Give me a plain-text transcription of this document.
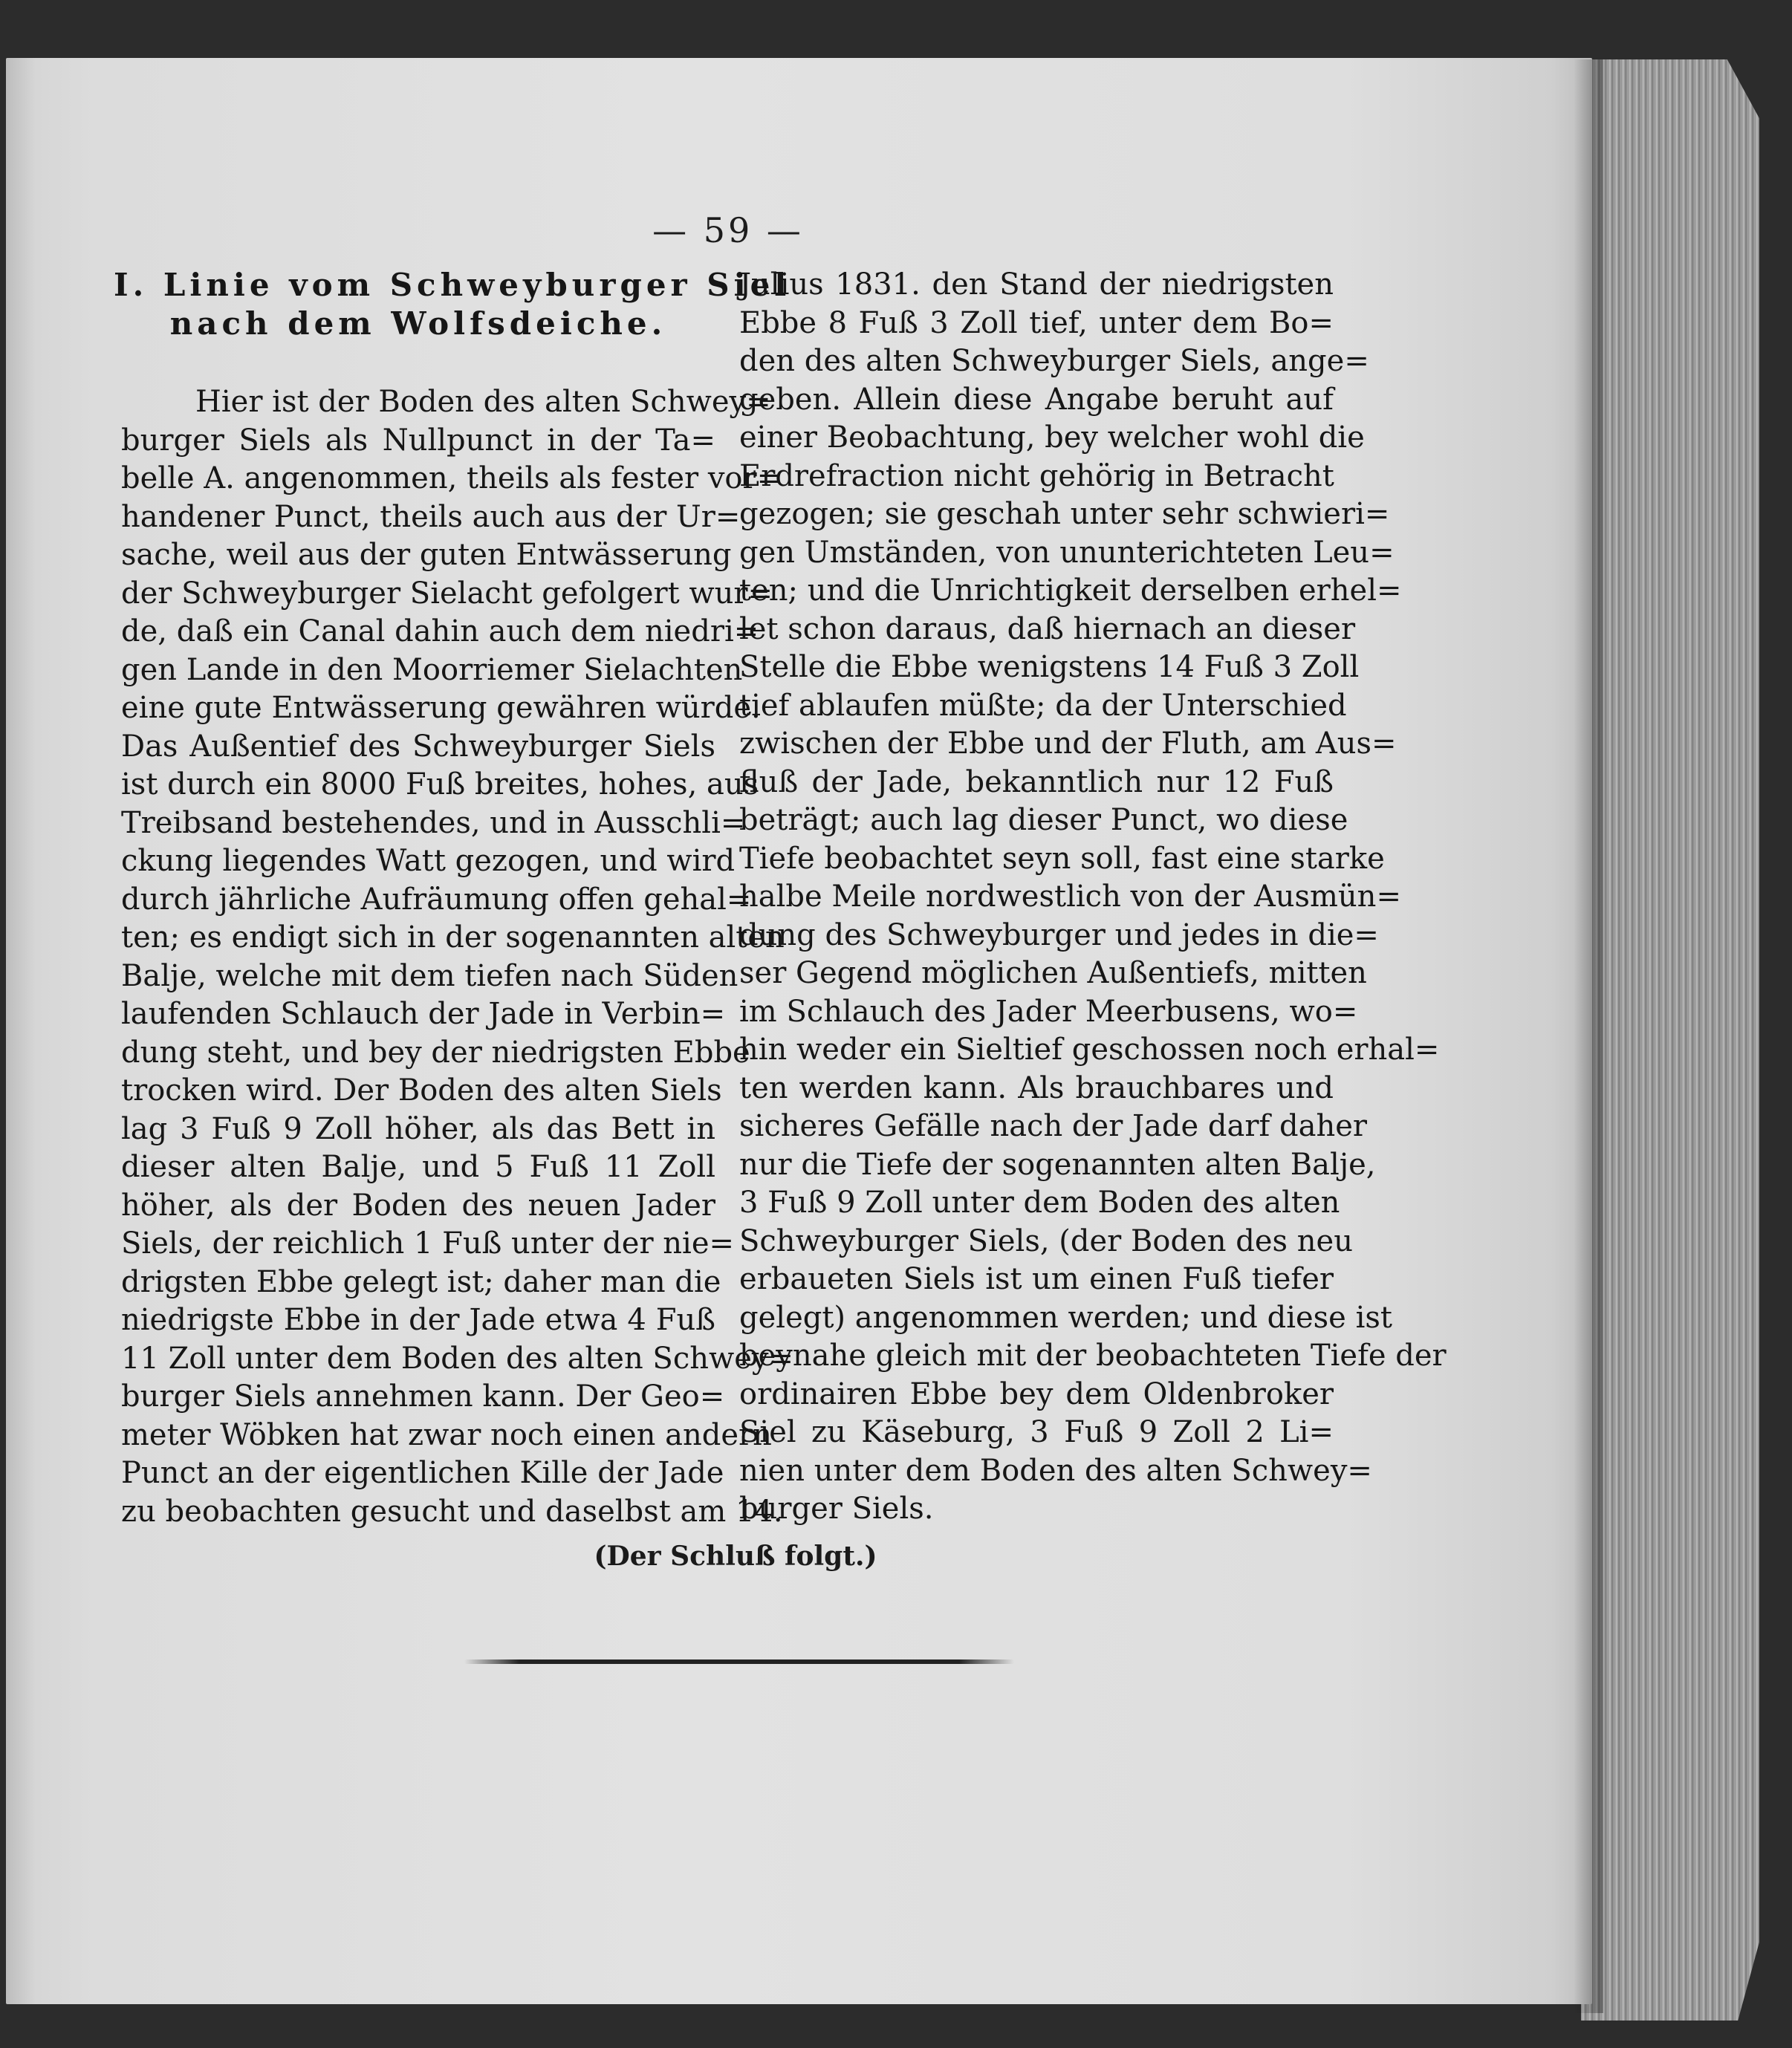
— 59 —

I. Linie vom Schweyburger Siel
nach dem Wolfsdeiche.

Hier ist der Boden des alten Schwey=
burger Siels als Nullpunct in der Ta=
belle A. angenommen, theils als fester vor=
handener Punct, theils auch aus der Ur=
sache, weil aus der guten Entwässerung
der Schweyburger Sielacht gefolgert wur=
de, daß ein Canal dahin auch dem niedri=
gen Lande in den Moorriemer Sielachten
eine gute Entwässerung gewähren würde.
Das Außentief des Schweyburger Siels
ist durch ein 8000 Fuß breites, hohes, aus
Treibsand bestehendes, und in Ausschli=
ckung liegendes Watt gezogen, und wird
durch jährliche Aufräumung offen gehal=
ten; es endigt sich in der sogenannten alten
Balje, welche mit dem tiefen nach Süden
laufenden Schlauch der Jade in Verbin=
dung steht, und bey der niedrigsten Ebbe
trocken wird. Der Boden des alten Siels
lag 3 Fuß 9 Zoll höher, als das Bett in
dieser alten Balje, und 5 Fuß 11 Zoll
höher, als der Boden des neuen Jader
Siels, der reichlich 1 Fuß unter der nie=
drigsten Ebbe gelegt ist; daher man die
niedrigste Ebbe in der Jade etwa 4 Fuß
11 Zoll unter dem Boden des alten Schwey=
burger Siels annehmen kann. Der Geo=
meter Wöbken hat zwar noch einen andern
Punct an der eigentlichen Kille der Jade
zu beobachten gesucht und daselbst am 14.
Julius 1831. den Stand der niedrigsten
Ebbe 8 Fuß 3 Zoll tief, unter dem Bo=
den des alten Schweyburger Siels, ange=
geben. Allein diese Angabe beruht auf
einer Beobachtung, bey welcher wohl die
Erdrefraction nicht gehörig in Betracht
gezogen; sie geschah unter sehr schwieri=
gen Umständen, von ununterichteten Leu=
ten; und die Unrichtigkeit derselben erhel=
let schon daraus, daß hiernach an dieser
Stelle die Ebbe wenigstens 14 Fuß 3 Zoll
tief ablaufen müßte; da der Unterschied
zwischen der Ebbe und der Fluth, am Aus=
fluß der Jade, bekanntlich nur 12 Fuß
beträgt; auch lag dieser Punct, wo diese
Tiefe beobachtet seyn soll, fast eine starke
halbe Meile nordwestlich von der Ausmün=
dung des Schweyburger und jedes in die=
ser Gegend möglichen Außentiefs, mitten
im Schlauch des Jader Meerbusens, wo=
hin weder ein Sieltief geschossen noch erhal=
ten werden kann. Als brauchbares und
sicheres Gefälle nach der Jade darf daher
nur die Tiefe der sogenannten alten Balje,
3 Fuß 9 Zoll unter dem Boden des alten
Schweyburger Siels, (der Boden des neu
erbaueten Siels ist um einen Fuß tiefer
gelegt) angenommen werden; und diese ist
beynahe gleich mit der beobachteten Tiefe der
ordinairen Ebbe bey dem Oldenbroker
Siel zu Käseburg, 3 Fuß 9 Zoll 2 Li=
nien unter dem Boden des alten Schwey=
burger Siels.
(Der Schluß folgt.)
